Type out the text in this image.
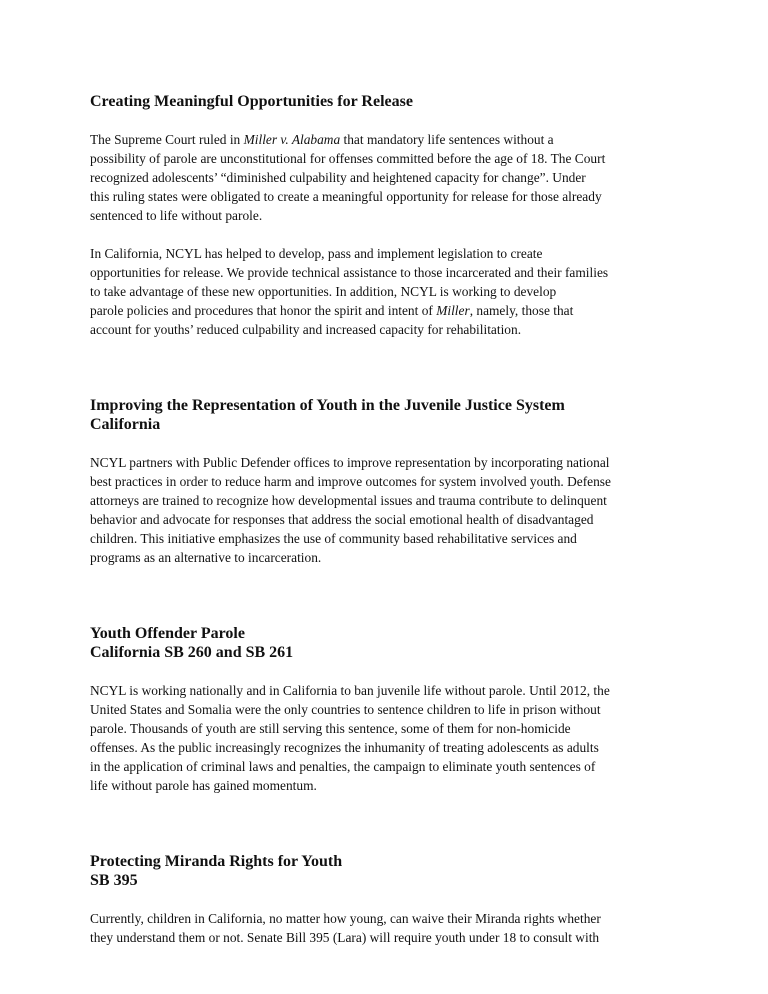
Creating Meaningful Opportunities for Release

The Supreme Court ruled in Miller v. Alabama that mandatory life sentences without a
possibility of parole are unconstitutional for offenses committed before the age of 18. The Court
recognized adolescents’ “diminished culpability and heightened capacity for change”. Under
this ruling states were obligated to create a meaningful opportunity for release for those already
sentenced to life without parole.

In California, NCYL has helped to develop, pass and implement legislation to create
opportunities for release. We provide technical assistance to those incarcerated and their families
to take advantage of these new opportunities. In addition, NCYL is working to develop
parole policies and procedures that honor the spirit and intent of Miller, namely, those that
account for youths’ reduced culpability and increased capacity for rehabilitation.

Improving the Representation of Youth in the Juvenile Justice System
California

NCYL partners with Public Defender offices to improve representation by incorporating national
best practices in order to reduce harm and improve outcomes for system involved youth. Defense
attorneys are trained to recognize how developmental issues and trauma contribute to delinquent
behavior and advocate for responses that address the social emotional health of disadvantaged
children. This initiative emphasizes the use of community based rehabilitative services and
programs as an alternative to incarceration.

Youth Offender Parole
California SB 260 and SB 261

NCYL is working nationally and in California to ban juvenile life without parole. Until 2012, the
United States and Somalia were the only countries to sentence children to life in prison without
parole. Thousands of youth are still serving this sentence, some of them for non-homicide
offenses. As the public increasingly recognizes the inhumanity of treating adolescents as adults
in the application of criminal laws and penalties, the campaign to eliminate youth sentences of
life without parole has gained momentum.

Protecting Miranda Rights for Youth
SB 395

Currently, children in California, no matter how young, can waive their Miranda rights whether
they understand them or not. Senate Bill 395 (Lara) will require youth under 18 to consult with
